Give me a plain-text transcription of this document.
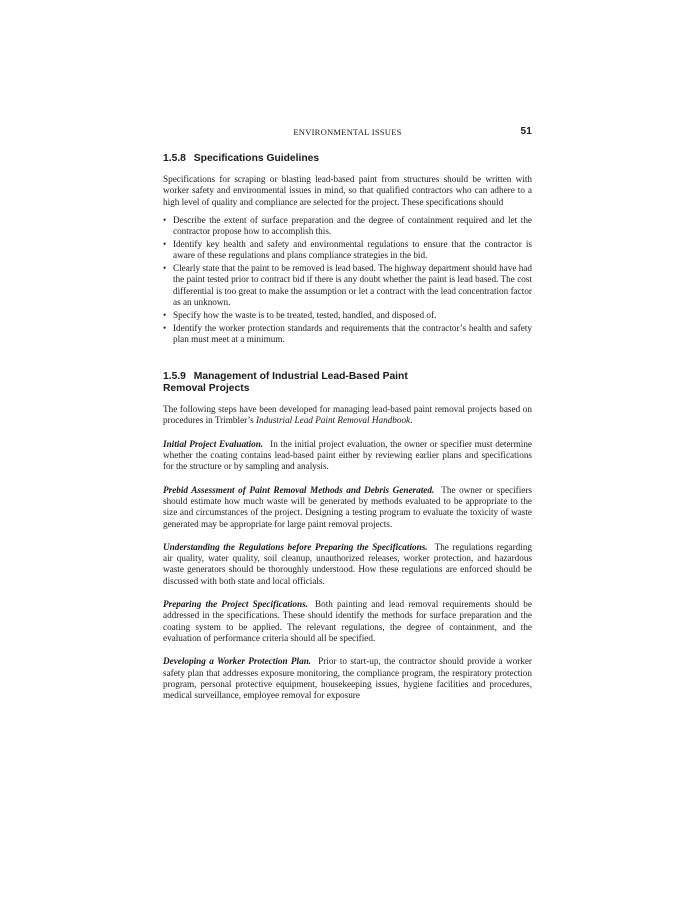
ENVIRONMENTAL ISSUES	51
1.5.8 Specifications Guidelines

Specifications for scraping or blasting lead-based paint from structures should be written with worker safety and environmental issues in mind, so that qualified contractors who can adhere to a high level of quality and compliance are selected for the project. These specifications should

• Describe the extent of surface preparation and the degree of containment required and let the contractor propose how to accomplish this.
• Identify key health and safety and environmental regulations to ensure that the contractor is aware of these regulations and plans compliance strategies in the bid.
• Clearly state that the paint to be removed is lead based. The highway department should have had the paint tested prior to contract bid if there is any doubt whether the paint is lead based. The cost differential is too great to make the assumption or let a contract with the lead concentration factor as an unknown.
• Specify how the waste is to be treated, tested, handled, and disposed of.
• Identify the worker protection standards and requirements that the contractor’s health and safety plan must meet at a minimum.
1.5.9 Management of Industrial Lead-Based Paint
Removal Projects

The following steps have been developed for managing lead-based paint removal projects based on procedures in Trimbler’s Industrial Lead Paint Removal Handbook.

Initial Project Evaluation. In the initial project evaluation, the owner or specifier must determine whether the coating contains lead-based paint either by reviewing earlier plans and specifications for the structure or by sampling and analysis.

Prebid Assessment of Paint Removal Methods and Debris Generated. The owner or specifiers should estimate how much waste will be generated by methods evaluated to be appropriate to the size and circumstances of the project. Designing a testing program to evaluate the toxicity of waste generated may be appropriate for large paint removal projects.

Understanding the Regulations before Preparing the Specifications. The regulations regarding air quality, water quality, soil cleanup, unauthorized releases, worker protection, and hazardous waste generators should be thoroughly understood. How these regulations are enforced should be discussed with both state and local officials.

Preparing the Project Specifications. Both painting and lead removal requirements should be addressed in the specifications. These should identify the methods for surface preparation and the coating system to be applied. The relevant regulations, the degree of containment, and the evaluation of performance criteria should all be specified.

Developing a Worker Protection Plan. Prior to start-up, the contractor should provide a worker safety plan that addresses exposure monitoring, the compliance program, the respiratory protection program, personal protective equipment, housekeeping issues, hygiene facilities and procedures, medical surveillance, employee removal for exposure
